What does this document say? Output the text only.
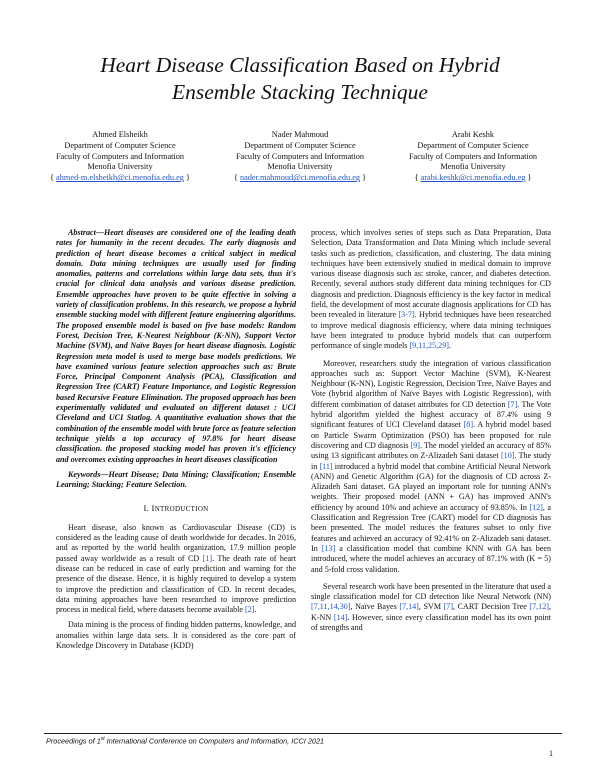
Heart Disease Classification Based on Hybrid
Ensemble Stacking Technique
Ahmed Elsheikh
Department of Computer Science
Faculty of Computers and Information
Menofia University
{ ahmed-m.elsheikh@ci.menofia.edu.eg }
Nader Mahmoud
Department of Computer Science
Faculty of Computers and Information
Menofia University
{ nader.mahmoud@ci.menofia.edu.eg }
Arabi Keshk
Department of Computer Science
Faculty of Computers and Information
Menofia University
{ arabi.keshk@ci.menofia.edu.eg }

Abstract—Heart diseases are considered one of the leading death rates for humanity in the recent decades. The early diagnosis and prediction of heart disease becomes a critical subject in medical domain. Data mining techniques are usually used for finding anomalies, patterns and correlations within large data sets, thus it's crucial for clinical data analysis and various disease prediction. Ensemble approaches have proven to be quite effective in solving a variety of classification problems. In this research, we propose a hybrid ensemble stacking model with different feature engineering algorithms. The proposed ensemble model is based on five base models: Random Forest, Decision Tree, K-Nearest Neighbour (K-NN), Support Vector Machine (SVM), and Naïve Bayes for heart disease diagnosis. Logistic Regression meta model is used to merge base models predictions. We have examined various feature selection approaches such as: Brute Force, Principal Component Analysis (PCA), Classification and Regression Tree (CART) Feature Importance, and Logistic Regression based Recursive Feature Elimination. The proposed approach has been experimentally validated and evaluated on different dataset : UCI Cleveland and UCI Statlog. A quantitative evaluation shows that the combination of the ensemble model with brute force as feature selection technique yields a top accuracy of 97.8% for heart disease classification. the proposed stacking model has proven it's efficiency and overcomes existing approaches in heart diseases classification

Keywords—Heart Disease; Data Mining; Classification; Ensemble Learning; Stacking; Feature Selection.

I. INTRODUCTION

Heart disease, also known as Cardiovascular Disease (CD) is considered as the leading cause of death worldwide for decades. In 2016, and as reported by the world health organization, 17.9 million people passed away worldwide as a result of CD [1]. The death rate of heart disease can be reduced in case of early prediction and warning for the presence of the disease. Hence, it is highly required to develop a system to improve the prediction and classification of CD. In recent decades, data mining approaches have been researched to improve prediction process in medical field, where datasets become available [2].

Data mining is the process of finding hidden patterns, knowledge, and anomalies within large data sets. It is considered as the core part of Knowledge Discovery in Database (KDD)

process, which involves series of steps such as Data Preparation, Data Selection, Data Transformation and Data Mining which include several tasks such as prediction, classification, and clustering. The data mining techniques have been extensively studied in medical domain to improve various disease diagnosis such as: stroke, cancer, and diabetes detection. Recently, several authors study different data mining techniques for CD diagnosis and prediction. Diagnosis efficiency is the key factor in medical field, the development of most accurate diagnosis applications for CD has been revealed in literature [3-7]. Hybrid techniques have been researched to improve medical diagnosis efficiency, where data mining techniques have been integrated to produce hybrid models that can outperform performance of single models [9,11,25,29].

Moreover, researchers study the integration of various classification approaches such as: Support Vector Machine (SVM), K-Nearest Neighbour (K-NN), Logistic Regression, Decision Tree, Naïve Bayes and Vote (hybrid algorithm of Naïve Bayes with Logistic Regression), with different combination of dataset attributes for CD detection [7]. The Vote hybrid algorithm yielded the highest accuracy of 87.4% using 9 significant features of UCI Cleveland dataset [8]. A hybrid model based on Particle Swarm Optimization (PSO) has been proposed for rule discovering and CD diagnosis [9]. The model yielded an accuracy of 85% using 13 significant attributes on Z-Alizadeh Sani dataset [10]. The study in [11] introduced a hybrid model that combine Artificial Neural Network (ANN) and Genetic Algorithm (GA) for the diagnosis of CD across Z-Alizadeh Sani dataset. GA played an important role for tunning ANN's weights. Their proposed model (ANN + GA) has improved ANN's efficiency by around 10% and achieve an accuracy of 93.85%. In [12], a Classification and Regression Tree (CART) model for CD diagnosis has been presented. The model reduces the features subset to only five features and achieved an accuracy of 92.41% on Z-Alizadeh sani dataset. In [13] a classification model that combine KNN with GA has been introduced, where the model achieves an accuracy of 87.1% with (K = 5) and 5-fold cross validation.

Several research work have been presented in the literature that used a single classification model for CD detection like Neural Network (NN) [7,11,14,30], Naïve Bayes [7,14], SVM [7], CART Decision Tree [7,12], K-NN [14]. However, since every classification model has its own point of strengths and

Proceedings of 1st International Conference on Computers and Information, ICCI 2021
1
